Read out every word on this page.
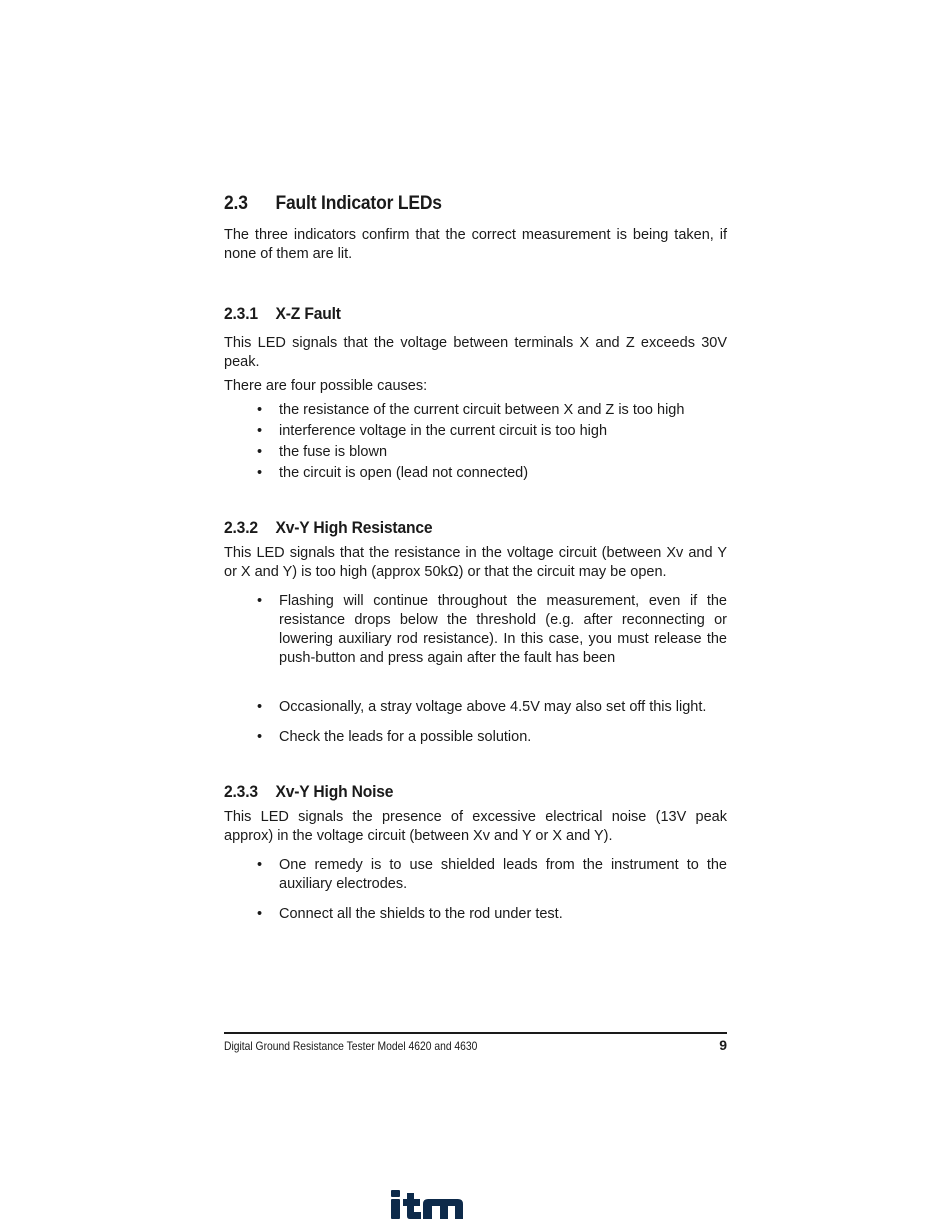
2.3	Fault Indicator LEDs

The three indicators confirm that the correct measurement is being taken, if none of them are lit.

2.3.1	X-Z Fault

This LED signals that the voltage between terminals X and Z exceeds 30V peak.

There are four possible causes:

• the resistance of the current circuit between X and Z is too high
• interference voltage in the current circuit is too high
• the fuse is blown
• the circuit is open (lead not connected)
2.3.2	Xv-Y High Resistance

This LED signals that the resistance in the voltage circuit (between Xv and Y or X and Y) is too high (approx 50kΩ) or that the circuit may be open.

• Flashing will continue throughout the measurement, even if the resistance drops below the threshold (e.g. after reconnecting or lowering auxiliary rod resistance). In this case, you must release the push-button and press again after the fault has been
• Occasionally, a stray voltage above 4.5V may also set off this light.
• Check the leads for a possible solution.
2.3.3	Xv-Y High Noise

This LED signals the presence of excessive electrical noise (13V peak approx) in the voltage circuit (between Xv and Y or X and Y).

• One remedy is to use shielded leads from the instrument to the auxiliary electrodes.
• Connect all the shields to the rod under test.
Digital Ground Resistance Tester Model 4620 and 4630	9
